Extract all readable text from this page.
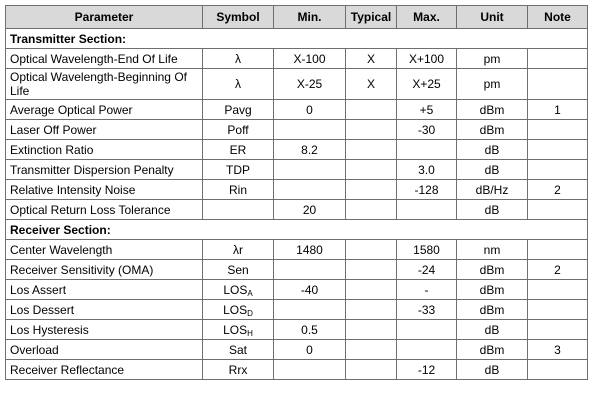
Parameter	Symbol	Min.	Typical	Max.	Unit	Note
Transmitter Section:						
Optical Wavelength-End Of Life	λ	X-100	X	X+100	pm	
Optical Wavelength-Beginning Of Life	λ	X-25	X	X+25	pm	
Average Optical Power	Pavg	0		+5	dBm	1
Laser Off Power	Poff			-30	dBm	
Extinction Ratio	ER	8.2			dB	
Transmitter Dispersion Penalty	TDP			3.0	dB	
Relative Intensity Noise	Rin			-128	dB/Hz	2
Optical Return Loss Tolerance		20			dB	
Receiver Section:						
Center Wavelength	λr	1480		1580	nm	
Receiver Sensitivity (OMA)	Sen			-24	dBm	2
Los Assert	$LOS_A$	-40		-	dBm	
Los Dessert	$LOS_D$			-33	dBm	
Los Hysteresis	$LOS_H$	0.5			dB	
Overload	Sat	0			dBm	3
Receiver Reflectance	Rrx			-12	dB	
